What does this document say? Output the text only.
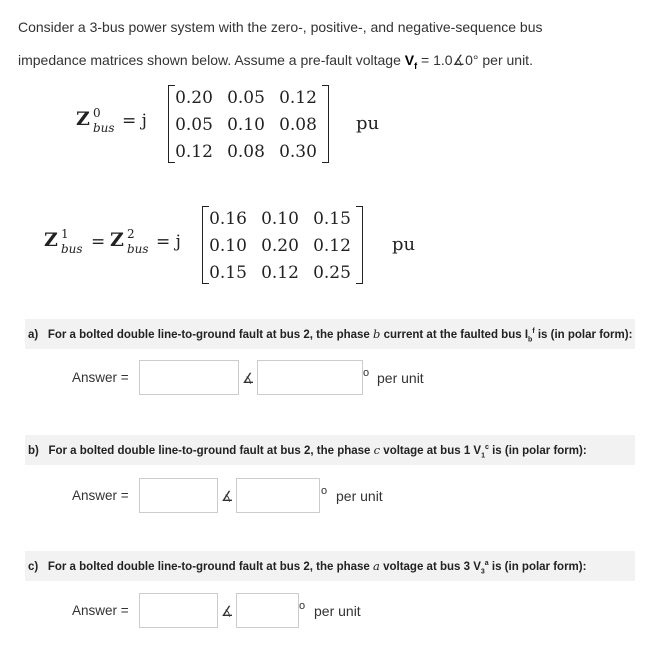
Consider a 3-bus power system with the zero-, positive-, and negative-sequence bus
impedance matrices shown below. Assume a pre-fault voltage $V_f$ = 1.0∡0° per unit.
Z 0
bus = j
0.20 0.05 0.12
0.05 0.10 0.08
0.12 0.08 0.30
pu
Z 1
bus = Z 2
bus = j
0.16 0.10 0.15
0.10 0.20 0.12
0.15 0.12 0.25
pu
a) For a bolted double line-to-ground fault at bus 2, the phase b current at the faulted bus $I_b^f$ is (in polar form):
Answer =	∡	o per unit
b) For a bolted double line-to-ground fault at bus 2, the phase c voltage at bus 1 $V_1^c$ is (in polar form):
Answer =	∡	o per unit
c) For a bolted double line-to-ground fault at bus 2, the phase a voltage at bus 3 $V_3^a$ is (in polar form):
Answer =	∡	o per unit
